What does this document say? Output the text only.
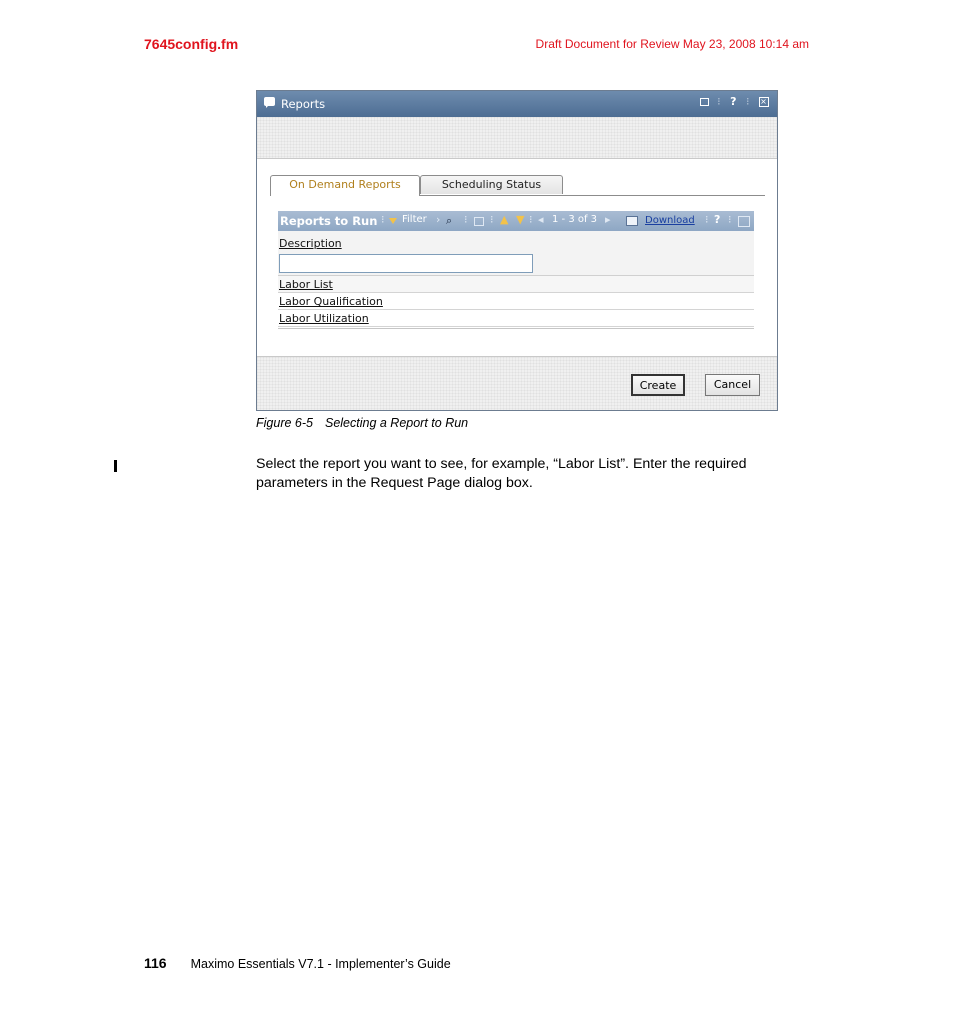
7645config.fm	Draft Document for Review May 23, 2008 10:14 am
Reports	⁝ ? ⁝ ×
On Demand Reports	Scheduling Status
Reports to Run ⁝ Filter › ⌕ ⁝ ⁝ ▲ ▼ ⁝ ◂ 1 - 3 of 3 ▸	Download ⁝ ? ⁝
Description
Labor List
Labor Qualification
Labor Utilization
Create	Cancel
Figure 6-5 Selecting a Report to Run
Select the report you want to see, for example, “Labor List”. Enter the required parameters in the Request Page dialog box.
116 Maximo Essentials V7.1 - Implementer’s Guide
